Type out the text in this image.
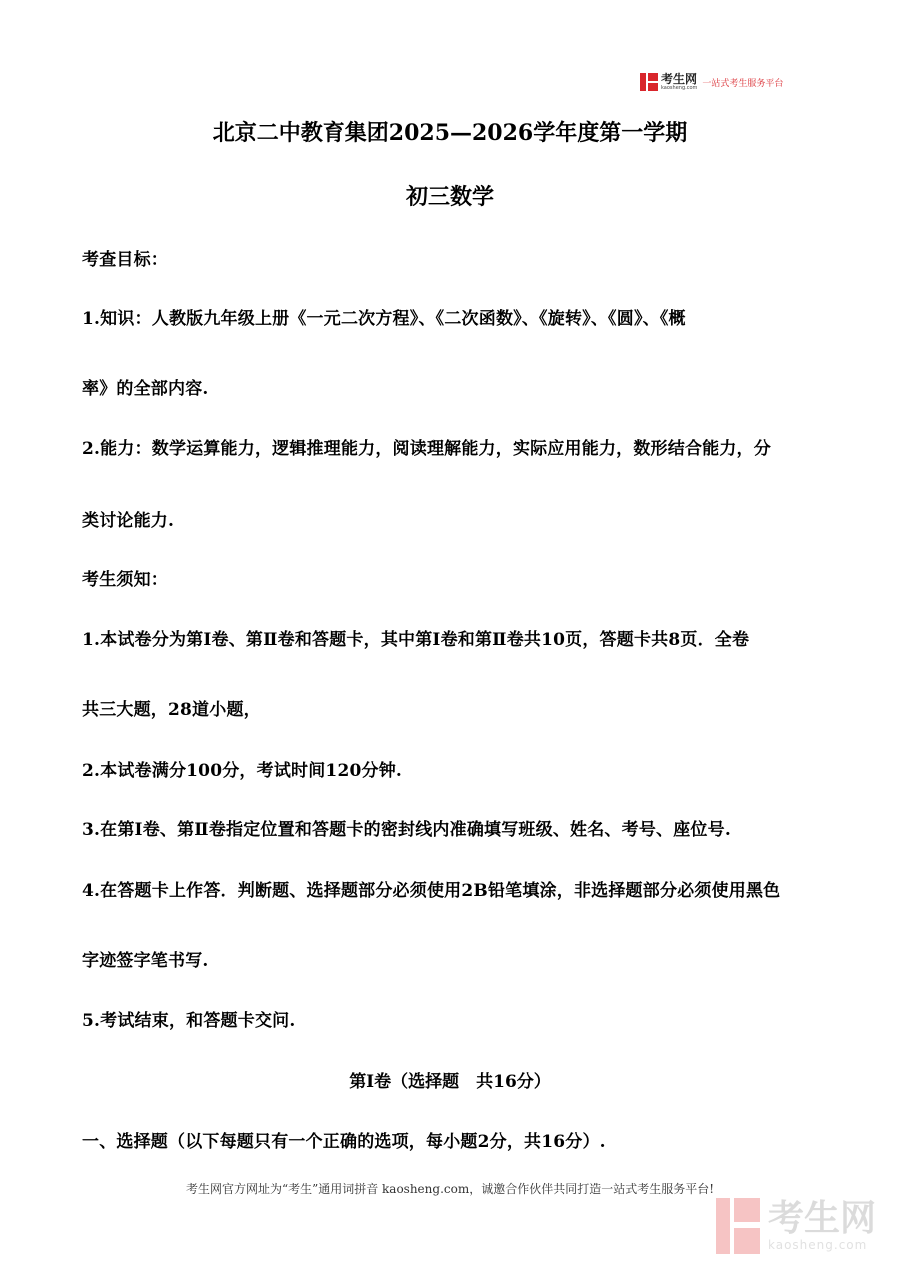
考生网
kaosheng.com 一站式考生服务平台
北京二中教育集团2025—2026学年度第一学期
初三数学
考查目标：
1.知识：人教版九年级上册《一元二次方程》、《二次函数》、《旋转》、《圆》、《概
率》的全部内容.
2.能力：数学运算能力，逻辑推理能力，阅读理解能力，实际应用能力，数形结合能力，分
类讨论能力.
考生须知：
1.本试卷分为第Ⅰ卷、第Ⅱ卷和答题卡，其中第Ⅰ卷和第Ⅱ卷共10页，答题卡共8页．全卷
共三大题，28道小题，
2.本试卷满分100分，考试时间120分钟.
3.在第Ⅰ卷、第Ⅱ卷指定位置和答题卡的密封线内准确填写班级、姓名、考号、座位号.
4.在答题卡上作答．判断题、选择题部分必须使用2B铅笔填涂，非选择题部分必须使用黑色
字迹签字笔书写.
5.考试结束，和答题卡交问.
第Ⅰ卷（选择题　共16分）
一、选择题（以下每题只有一个正确的选项，每小题2分，共16分）.
考生网官方网址为“考生”通用词拼音 kaosheng.com，诚邀合作伙伴共同打造一站式考生服务平台!
考生网
kaosheng.com
